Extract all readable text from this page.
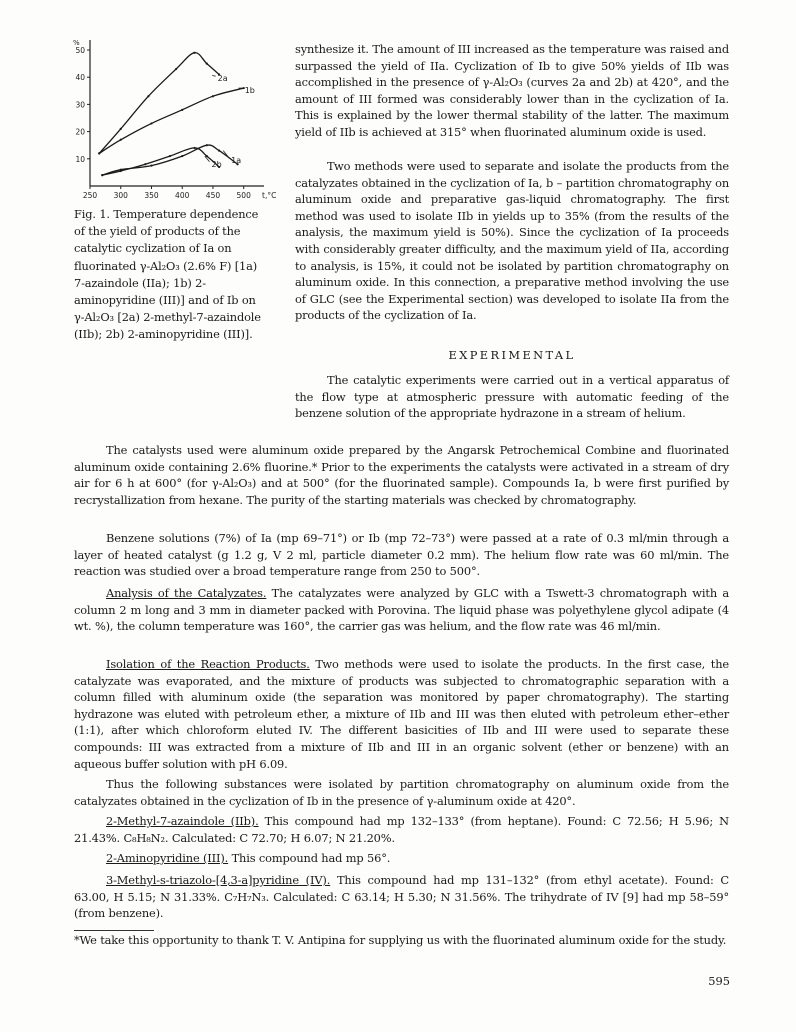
%
50
40
30
20
10
250 300 350 400 450 500 t,°C
2a
1b
2b 1a

Fig. 1. Temperature dependence of the yield of products of the catalytic cyclization of Ia on fluorinated γ-Al₂O₃ (2.6% F) [1a) 7-azaindole (IIa); 1b) 2-aminopyridine (III)] and of Ib on γ-Al₂O₃ [2a) 2-methyl-7-azaindole (IIb); 2b) 2-aminopyridine (III)].

synthesize it. The amount of III increased as the temperature was raised and surpassed the yield of IIa. Cyclization of Ib to give 50% yields of IIb was accomplished in the presence of γ-Al₂O₃ (curves 2a and 2b) at 420°, and the amount of III formed was considerably lower than in the cyclization of Ia. This is explained by the lower thermal stability of the latter. The maximum yield of IIb is achieved at 315° when fluorinated aluminum oxide is used.

Two methods were used to separate and isolate the products from the catalyzates obtained in the cyclization of Ia, b – partition chromatography on aluminum oxide and preparative gas-liquid chromatography. The first method was used to isolate IIb in yields up to 35% (from the results of the analysis, the maximum yield is 50%). Since the cyclization of Ia proceeds with considerably greater difficulty, and the maximum yield of IIa, according to analysis, is 15%, it could not be isolated by partition chromatography on aluminum oxide. In this connection, a preparative method involving the use of GLC (see the Experimental section) was developed to isolate IIa from the products of the cyclization of Ia.

EXPERIMENTAL

The catalytic experiments were carried out in a vertical apparatus of the flow type at atmospheric pressure with automatic feeding of the benzene solution of the appropriate hydrazone in a stream of helium.

The catalysts used were aluminum oxide prepared by the Angarsk Petrochemical Combine and fluorinated aluminum oxide containing 2.6% fluorine.* Prior to the experiments the catalysts were activated in a stream of dry air for 6 h at 600° (for γ-Al₂O₃) and at 500° (for the fluorinated sample). Compounds Ia, b were first purified by recrystallization from hexane. The purity of the starting materials was checked by chromatography.

Benzene solutions (7%) of Ia (mp 69–71°) or Ib (mp 72–73°) were passed at a rate of 0.3 ml/min through a layer of heated catalyst (g 1.2 g, V 2 ml, particle diameter 0.2 mm). The helium flow rate was 60 ml/min. The reaction was studied over a broad temperature range from 250 to 500°.

Analysis of the Catalyzates. The catalyzates were analyzed by GLC with a Tswett-3 chromatograph with a column 2 m long and 3 mm in diameter packed with Porovina. The liquid phase was polyethylene glycol adipate (4 wt. %), the column temperature was 160°, the carrier gas was helium, and the flow rate was 46 ml/min.

Isolation of the Reaction Products. Two methods were used to isolate the products. In the first case, the catalyzate was evaporated, and the mixture of products was subjected to chromatographic separation with a column filled with aluminum oxide (the separation was monitored by paper chromatography). The starting hydrazone was eluted with petroleum ether, a mixture of IIb and III was then eluted with petroleum ether–ether (1:1), after which chloroform eluted IV. The different basicities of IIb and III were used to separate these compounds: III was extracted from a mixture of IIb and III in an organic solvent (ether or benzene) with an aqueous buffer solution with pH 6.09.

Thus the following substances were isolated by partition chromatography on aluminum oxide from the catalyzates obtained in the cyclization of Ib in the presence of γ-aluminum oxide at 420°.

2-Methyl-7-azaindole (IIb). This compound had mp 132–133° (from heptane). Found: C 72.56; H 5.96; N 21.43%. C₈H₈N₂. Calculated: C 72.70; H 6.07; N 21.20%.

2-Aminopyridine (III). This compound had mp 56°.

3-Methyl-s-triazolo-[4,3-a]pyridine (IV). This compound had mp 131–132° (from ethyl acetate). Found: C 63.00, H 5.15; N 31.33%. C₇H₇N₃. Calculated: C 63.14; H 5.30; N 31.56%. The trihydrate of IV [9] had mp 58–59° (from benzene).

*We take this opportunity to thank T. V. Antipina for supplying us with the fluorinated aluminum oxide for the study.

595
